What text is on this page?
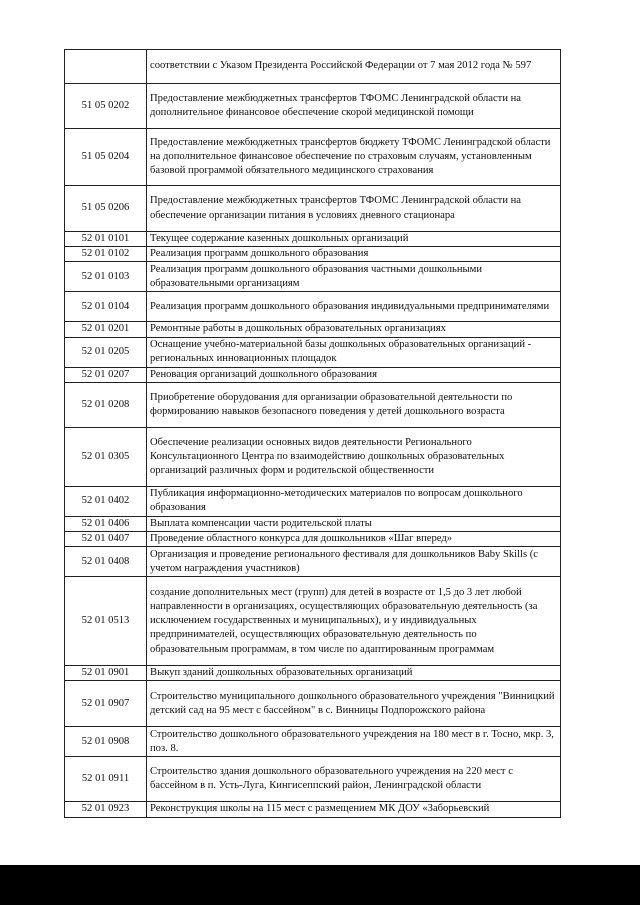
	соответствии с Указом Президента Российской Федерации от 7 мая 2012 года № 597
51 05 0202	Предоставление межбюджетных трансфертов ТФОМС Ленинградской области на дополнительное финансовое обеспечение скорой медицинской помощи
51 05 0204	Предоставление межбюджетных трансфертов бюджету ТФОМС Ленинградской области на дополнительное финансовое обеспечение по страховым случаям, установленным базовой программой обязательного медицинского страхования
51 05 0206	Предоставление межбюджетных трансфертов ТФОМС Ленинградской области на обеспечение организации питания в условиях дневного стационара
52 01 0101	Текущее содержание казенных дошкольных организаций
52 01 0102	Реализация программ дошкольного образования
52 01 0103	Реализация программ дошкольного образования частными дошкольными образовательными организациям
52 01 0104	Реализация программ дошкольного образования индивидуальными предпринимателями
52 01 0201	Ремонтные работы в дошкольных образовательных организациях
52 01 0205	Оснащение учебно-материальной базы дошкольных образовательных организаций - региональных инновационных площадок
52 01 0207	Реновация организаций дошкольного образования
52 01 0208	Приобретение оборудования для организации образовательной деятельности по формированию навыков безопасного поведения у детей дошкольного возраста
52 01 0305	Обеспечение реализации основных видов деятельности Регионального Консультационного Центра по взаимодействию дошкольных образовательных организаций различных форм и родительской общественности
52 01 0402	Публикация информационно-методических материалов по вопросам дошкольного образования
52 01 0406	Выплата компенсации части родительской платы
52 01 0407	Проведение областного конкурса для дошкольников «Шаг вперед»
52 01 0408	Организация и проведение регионального фестиваля для дошкольников Baby Skills (с учетом награждения участников)
52 01 0513	создание дополнительных мест (групп) для детей в возрасте от 1,5 до 3 лет любой направленности в организациях, осуществляющих образовательную деятельность (за исключением государственных и муниципальных), и у индивидуальных предпринимателей, осуществляющих образовательную деятельность по образовательным программам, в том числе по адаптированным программам
52 01 0901	Выкуп зданий дошкольных образовательных организаций
52 01 0907	Строительство муниципального дошкольного образовательного учреждения "Винницкий детский сад на 95 мест с бассейном" в с. Винницы Подпорожского района
52 01 0908	Строительство дошкольного образовательного учреждения на 180 мест в г. Тосно, мкр. 3, поз. 8.
52 01 0911	Строительство здания дошкольного образовательного учреждения на 220 мест с бассейном в п. Усть-Луга, Кингисеппский район, Ленинградской области
52 01 0923	Реконструкция школы на 115 мест с размещением МК ДОУ «Заборьевский
